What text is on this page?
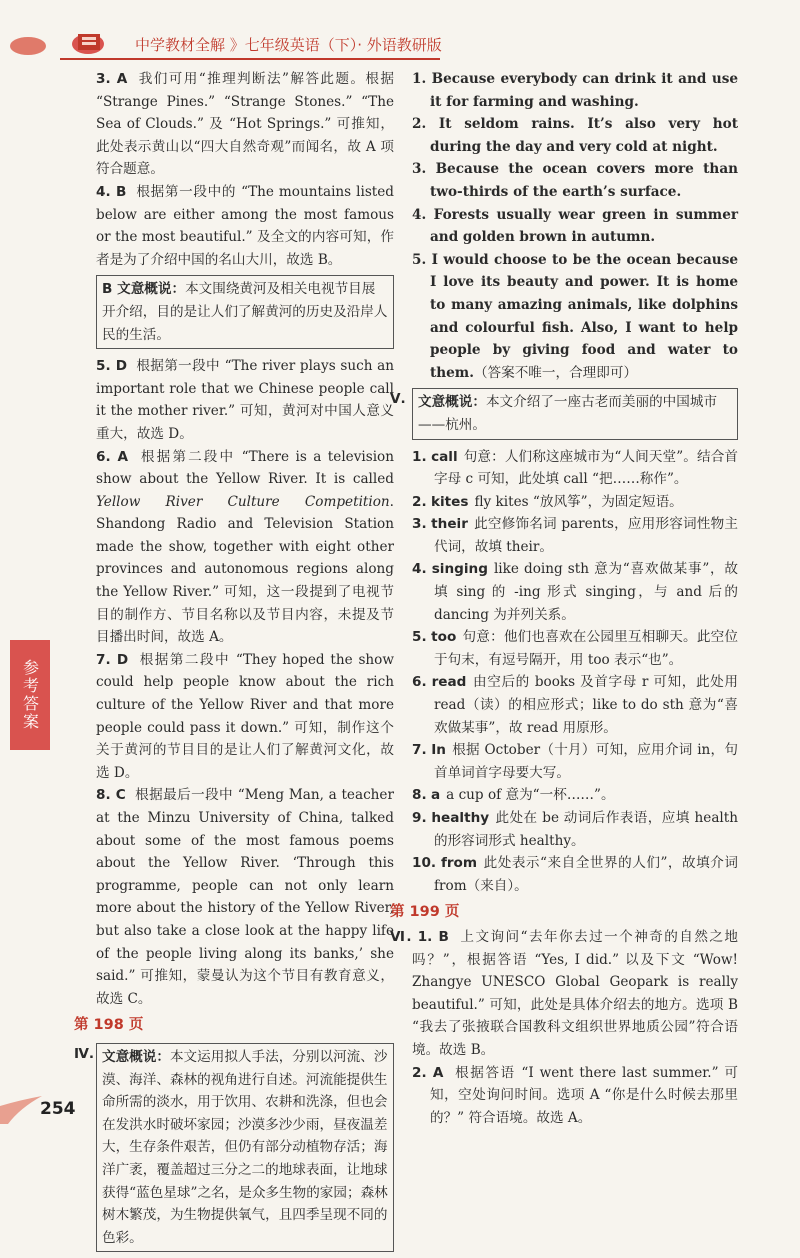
中学教材全解 》七年级英语（下）· 外语教研版
参考答案
254
3. A 我们可用“推理判断法”解答此题。根据 “Strange Pines.” “Strange Stones.” “The Sea of Clouds.” 及 “Hot Springs.” 可推知，此处表示黄山以“四大自然奇观”而闻名，故 A 项符合题意。
4. B 根据第一段中的 “The mountains listed below are either among the most famous or the most beautiful.” 及全文的内容可知，作者是为了介绍中国的名山大川，故选 B。
B 文意概说：本文围绕黄河及相关电视节目展开介绍，目的是让人们了解黄河的历史及沿岸人民的生活。
5. D 根据第一段中 “The river plays such an important role that we Chinese people call it the mother river.” 可知，黄河对中国人意义重大，故选 D。
6. A 根据第二段中 “There is a television show about the Yellow River. It is called Yellow River Culture Competition. Shandong Radio and Television Station made the show, together with eight other provinces and autonomous regions along the Yellow River.” 可知，这一段提到了电视节目的制作方、节目名称以及节目内容，未提及节目播出时间，故选 A。
7. D 根据第二段中 “They hoped the show could help people know about the rich culture of the Yellow River and that more people could pass it down.” 可知，制作这个关于黄河的节目目的是让人们了解黄河文化，故选 D。
8. C 根据最后一段中 “Meng Man, a teacher at the Minzu University of China, talked about some of the most famous poems about the Yellow River. ‘Through this programme, people can not only learn more about the history of the Yellow River, but also take a close look at the happy life of the people living along its banks,’ she said.” 可推知，蒙曼认为这个节目有教育意义，故选 C。
第 198 页
Ⅳ. 文意概说：本文运用拟人手法，分别以河流、沙漠、海洋、森林的视角进行自述。河流能提供生命所需的淡水，用于饮用、农耕和洗涤，但也会在发洪水时破坏家园；沙漠多沙少雨，昼夜温差大，生存条件艰苦，但仍有部分动植物存活；海洋广袤，覆盖超过三分之二的地球表面，让地球获得“蓝色星球”之名，是众多生物的家园；森林树木繁茂，为生物提供氧气，且四季呈现不同的色彩。
1. Because everybody can drink it and use it for farming and washing.
2. It seldom rains. It’s also very hot during the day and very cold at night.
3. Because the ocean covers more than two-thirds of the earth’s surface.
4. Forests usually wear green in summer and golden brown in autumn.
5. I would choose to be the ocean because I love its beauty and power. It is home to many amazing animals, like dolphins and colourful fish. Also, I want to help people by giving food and water to them.（答案不唯一，合理即可）
Ⅴ. 文意概说：本文介绍了一座古老而美丽的中国城市——杭州。
1. call 句意：人们称这座城市为“人间天堂”。结合首字母 c 可知，此处填 call “把……称作”。
2. kites fly kites “放风筝”，为固定短语。
3. their 此空修饰名词 parents，应用形容词性物主代词，故填 their。
4. singing like doing sth 意为“喜欢做某事”，故填 sing 的 -ing 形式 singing，与 and 后的 dancing 为并列关系。
5. too 句意：他们也喜欢在公园里互相聊天。此空位于句末，有逗号隔开，用 too 表示“也”。
6. read 由空后的 books 及首字母 r 可知，此处用 read（读）的相应形式；like to do sth 意为“喜欢做某事”，故 read 用原形。
7. In 根据 October（十月）可知，应用介词 in，句首单词首字母要大写。
8. a a cup of 意为“一杯……”。
9. healthy 此处在 be 动词后作表语，应填 health 的形容词形式 healthy。
10. from 此处表示“来自全世界的人们”，故填介词 from（来自）。
第 199 页
Ⅵ. 1. B 上文询问“去年你去过一个神奇的自然之地吗？”，根据答语 “Yes, I did.” 以及下文 “Wow! Zhangye UNESCO Global Geopark is really beautiful.” 可知，此处是具体介绍去的地方。选项 B “我去了张掖联合国教科文组织世界地质公园”符合语境。故选 B。
2. A 根据答语 “I went there last summer.” 可知，空处询问时间。选项 A “你是什么时候去那里的？” 符合语境。故选 A。
